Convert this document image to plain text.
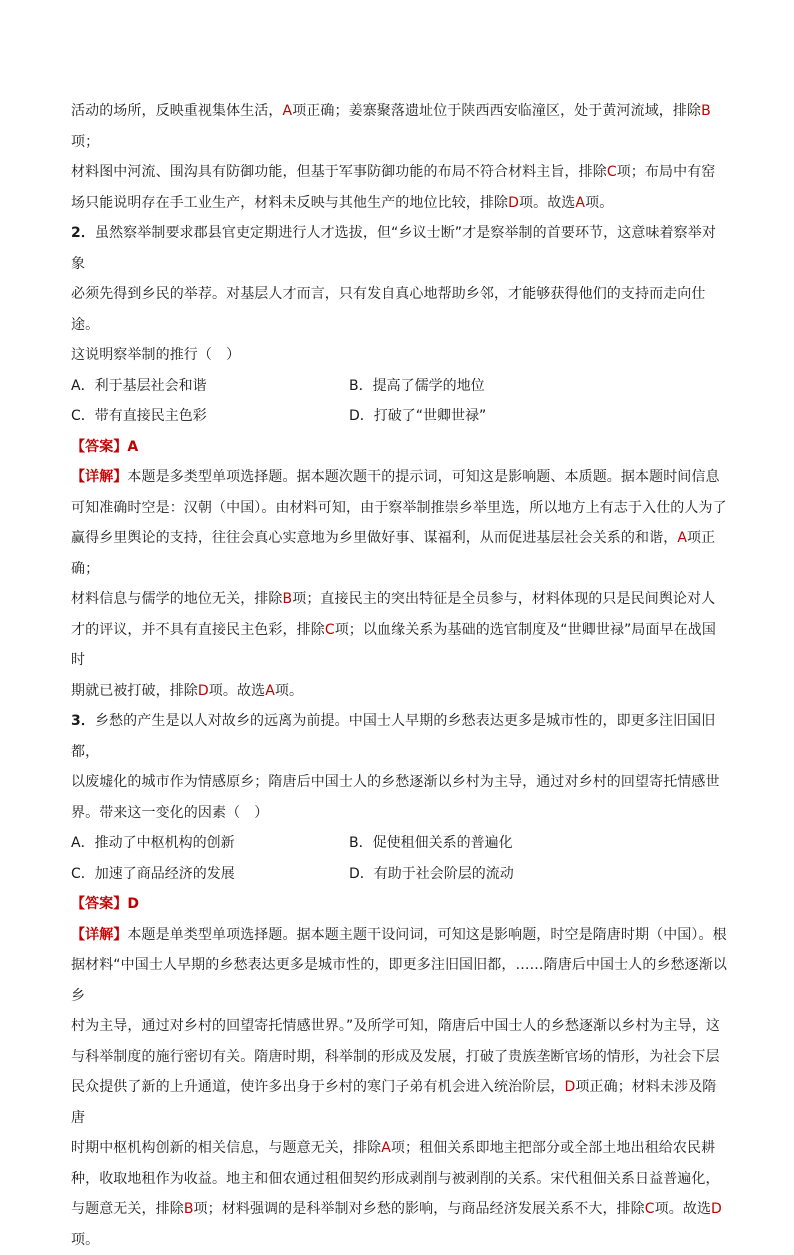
活动的场所，反映重视集体生活，A项正确；姜寨聚落遗址位于陕西西安临潼区，处于黄河流域，排除B项；

材料图中河流、围沟具有防御功能，但基于军事防御功能的布局不符合材料主旨，排除C项；布局中有窑

场只能说明存在手工业生产，材料未反映与其他生产的地位比较，排除D项。故选A项。

2．虽然察举制要求郡县官吏定期进行人才选拔，但“乡议士断”才是察举制的首要环节，这意味着察举对象

必须先得到乡民的举荐。对基层人才而言，只有发自真心地帮助乡邻，才能够获得他们的支持而走向仕途。

这说明察举制的推行（　）

A．利于基层社会和谐	B．提高了儒学的地位
C．带有直接民主色彩	D．打破了“世卿世禄”

【答案】A

【详解】本题是多类型单项选择题。据本题次题干的提示词，可知这是影响题、本质题。据本题时间信息

可知准确时空是：汉朝（中国）。由材料可知，由于察举制推崇乡举里选，所以地方上有志于入仕的人为了

赢得乡里舆论的支持，往往会真心实意地为乡里做好事、谋福利，从而促进基层社会关系的和谐，A项正确；

材料信息与儒学的地位无关，排除B项；直接民主的突出特征是全员参与，材料体现的只是民间舆论对人

才的评议，并不具有直接民主色彩，排除C项；以血缘关系为基础的选官制度及“世卿世禄”局面早在战国时

期就已被打破，排除D项。故选A项。

3．乡愁的产生是以人对故乡的远离为前提。中国士人早期的乡愁表达更多是城市性的，即更多注旧国旧都，

以废墟化的城市作为情感原乡；隋唐后中国士人的乡愁逐渐以乡村为主导，通过对乡村的回望寄托情感世

界。带来这一变化的因素（　）

A．推动了中枢机构的创新	B．促使租佃关系的普遍化
C．加速了商品经济的发展	D．有助于社会阶层的流动

【答案】D

【详解】本题是单类型单项选择题。据本题主题干设问词，可知这是影响题，时空是隋唐时期（中国）。根

据材料“中国士人早期的乡愁表达更多是城市性的，即更多注旧国旧都，……隋唐后中国士人的乡愁逐渐以乡

村为主导，通过对乡村的回望寄托情感世界。”及所学可知，隋唐后中国士人的乡愁逐渐以乡村为主导，这

与科举制度的施行密切有关。隋唐时期，科举制的形成及发展，打破了贵族垄断官场的情形，为社会下层

民众提供了新的上升通道，使许多出身于乡村的寒门子弟有机会进入统治阶层，D项正确；材料未涉及隋唐

时期中枢机构创新的相关信息，与题意无关，排除A项；租佃关系即地主把部分或全部土地出租给农民耕

种，收取地租作为收益。地主和佃农通过租佃契约形成剥削与被剥削的关系。宋代租佃关系日益普遍化，

与题意无关，排除B项；材料强调的是科举制对乡愁的影响，与商品经济发展关系不大，排除C项。故选D

项。
